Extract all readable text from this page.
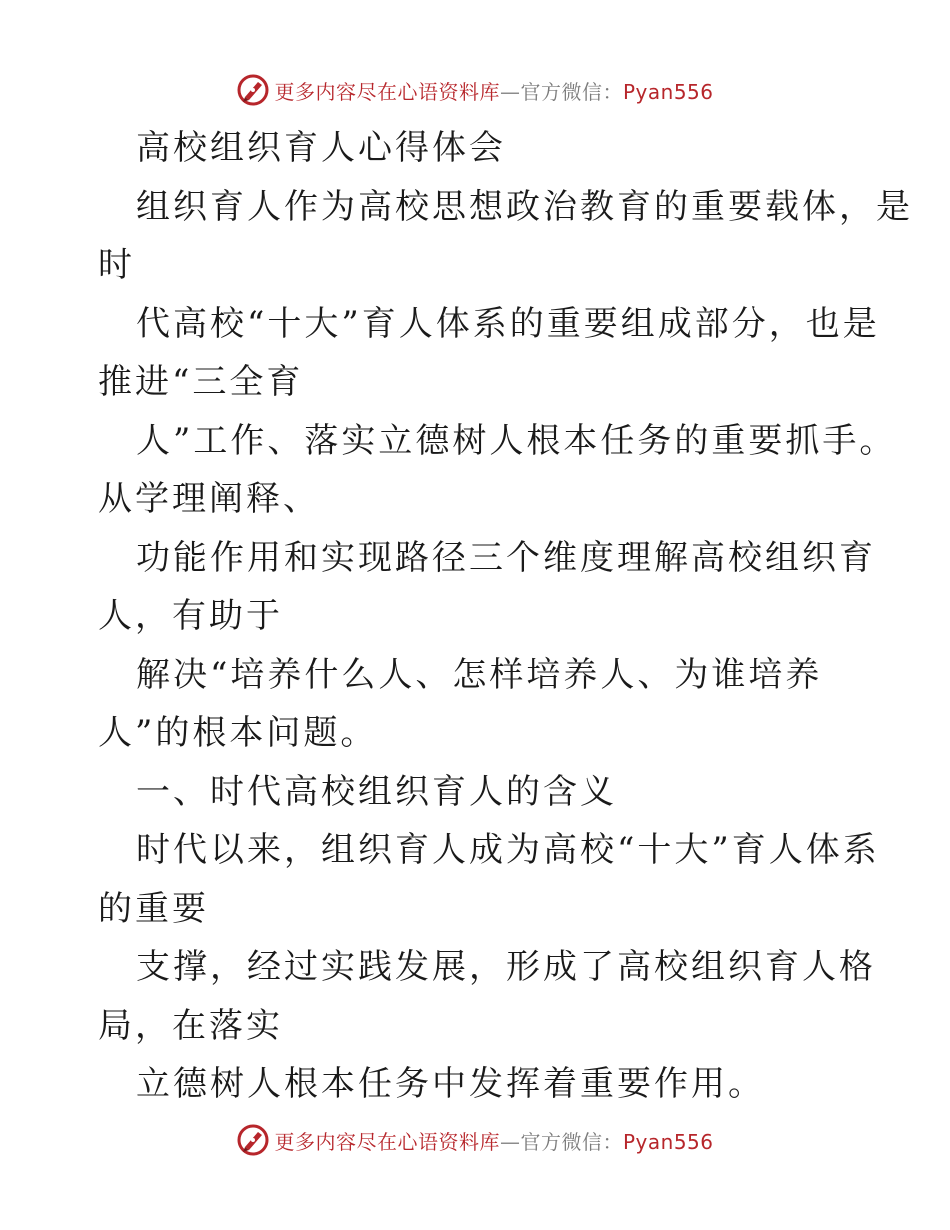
更多内容尽在心语资料库—官方微信：Pyan556
高校组织育人心得体会
组织育人作为高校思想政治教育的重要载体，是
时
代高校“十大”育人体系的重要组成部分，也是
推进“三全育
人”工作、落实立德树人根本任务的重要抓手。
从学理阐释、
功能作用和实现路径三个维度理解高校组织育
人，有助于
解决“培养什么人、怎样培养人、为谁培养
人”的根本问题。
一、时代高校组织育人的含义
时代以来，组织育人成为高校“十大”育人体系
的重要
支撑，经过实践发展，形成了高校组织育人格
局，在落实
立德树人根本任务中发挥着重要作用。
更多内容尽在心语资料库—官方微信：Pyan556
